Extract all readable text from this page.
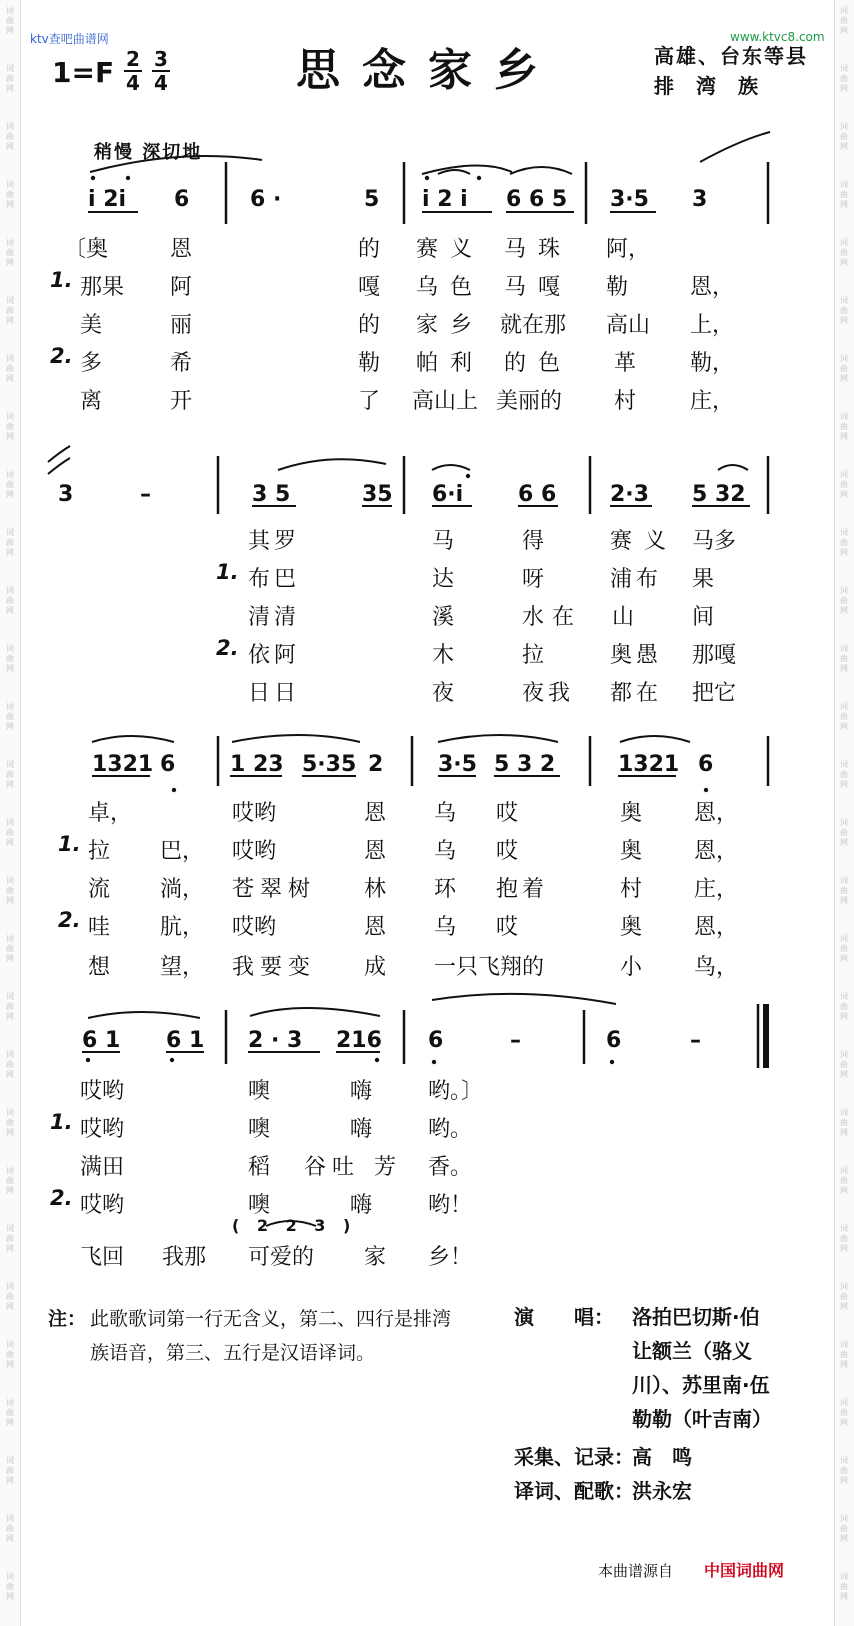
ktv查吧曲谱网	www.ktvc8.com
$1=F \frac{2}{4} \frac{3}{4}$	思念家乡	高雄、台东等县
排湾族
稍慢 深切地
i 2i 6	6 ·	5 i 2 i 6 6 5 3·5 3
〔奥	恩	的 赛义 马珠 阿，
1. 那果 阿	嘎 乌色 马嘎 勒	恩，
美	丽	的 家乡 就在那 高山 上，
2. 多	希	勒 帕利 的色 革 勒，
离	开	了 高山上 美丽的 村 庄，
3	–	3 5	35 6·i 6 6 2·3 5 32
其罗	马	得	赛义 马多
1. 布巴	达	呀	浦布 果
清清	溪	水在 山	间
2. 依阿	木	拉	奥愚 那嘎
日日	夜	夜我 都在 把它
1321 6 1 23 5·35 2 3·5 5 3 2	1321 6
卓，	哎哟	恩 乌 哎	奥 恩，
1. 拉 巴， 哎哟	恩 乌 哎	奥 恩，
流 淌， 苍翠树 林 环 抱着	村 庄，
2. 哇 肮， 哎哟	恩 乌 哎	奥 恩，
想 望， 我要变 成 一只飞翔的	小 鸟，
6 1 6 1 2 · 3 216 6	–	6	–
哎哟	噢	嗨	哟。〕
1. 哎哟	噢	嗨	哟。
满田	稻 谷吐 芳 香。
2. 哎哟	噢	嗨	哟！
( 2 2 3 )
飞回 我那 可爱的 家 乡！
注： 此歌歌词第一行无含义，第二、四行是排湾
族语音，第三、五行是汉语译词。
演　　唱： 洛拍巴切斯·伯
让额兰（骆义
川）、苏里南·伍
勒勒（叶吉南）
采集、记录：
高　鸣
译词、配歌：
洪永宏
本曲谱源自 中国词曲网
词
曲
网
词
曲
网
词
曲
网
词
曲
网
词
曲
网
词
曲
网
词
曲
网
词
曲
网
词
曲
网
词
曲
网
词
曲
网
词
曲
网
词
曲
网
词
曲
网
词
曲
网
词
曲
网
词
曲
网
词
曲
网
词
曲
网
词
曲
网
词
曲
网
词
曲
网
词
曲
网
词
曲
网
词
曲
网
词
曲
网
词
曲
网
词
曲
网
词
曲
网
词
曲
网
词
曲
网
词
曲
网
词
曲
网
词
曲
网
词
曲
网
词
曲
网
词
曲
网
词
曲
网
词
曲
网
词
曲
网
词
曲
网
词
曲
网
词
曲
网
词
曲
网
词
曲
网
词
曲
网
词
曲
网
词
曲
网
词
曲
网
词
曲
网
词
曲
网
词
曲
网
词
曲
网
词
曲
网
词
曲
网
词
曲
网
